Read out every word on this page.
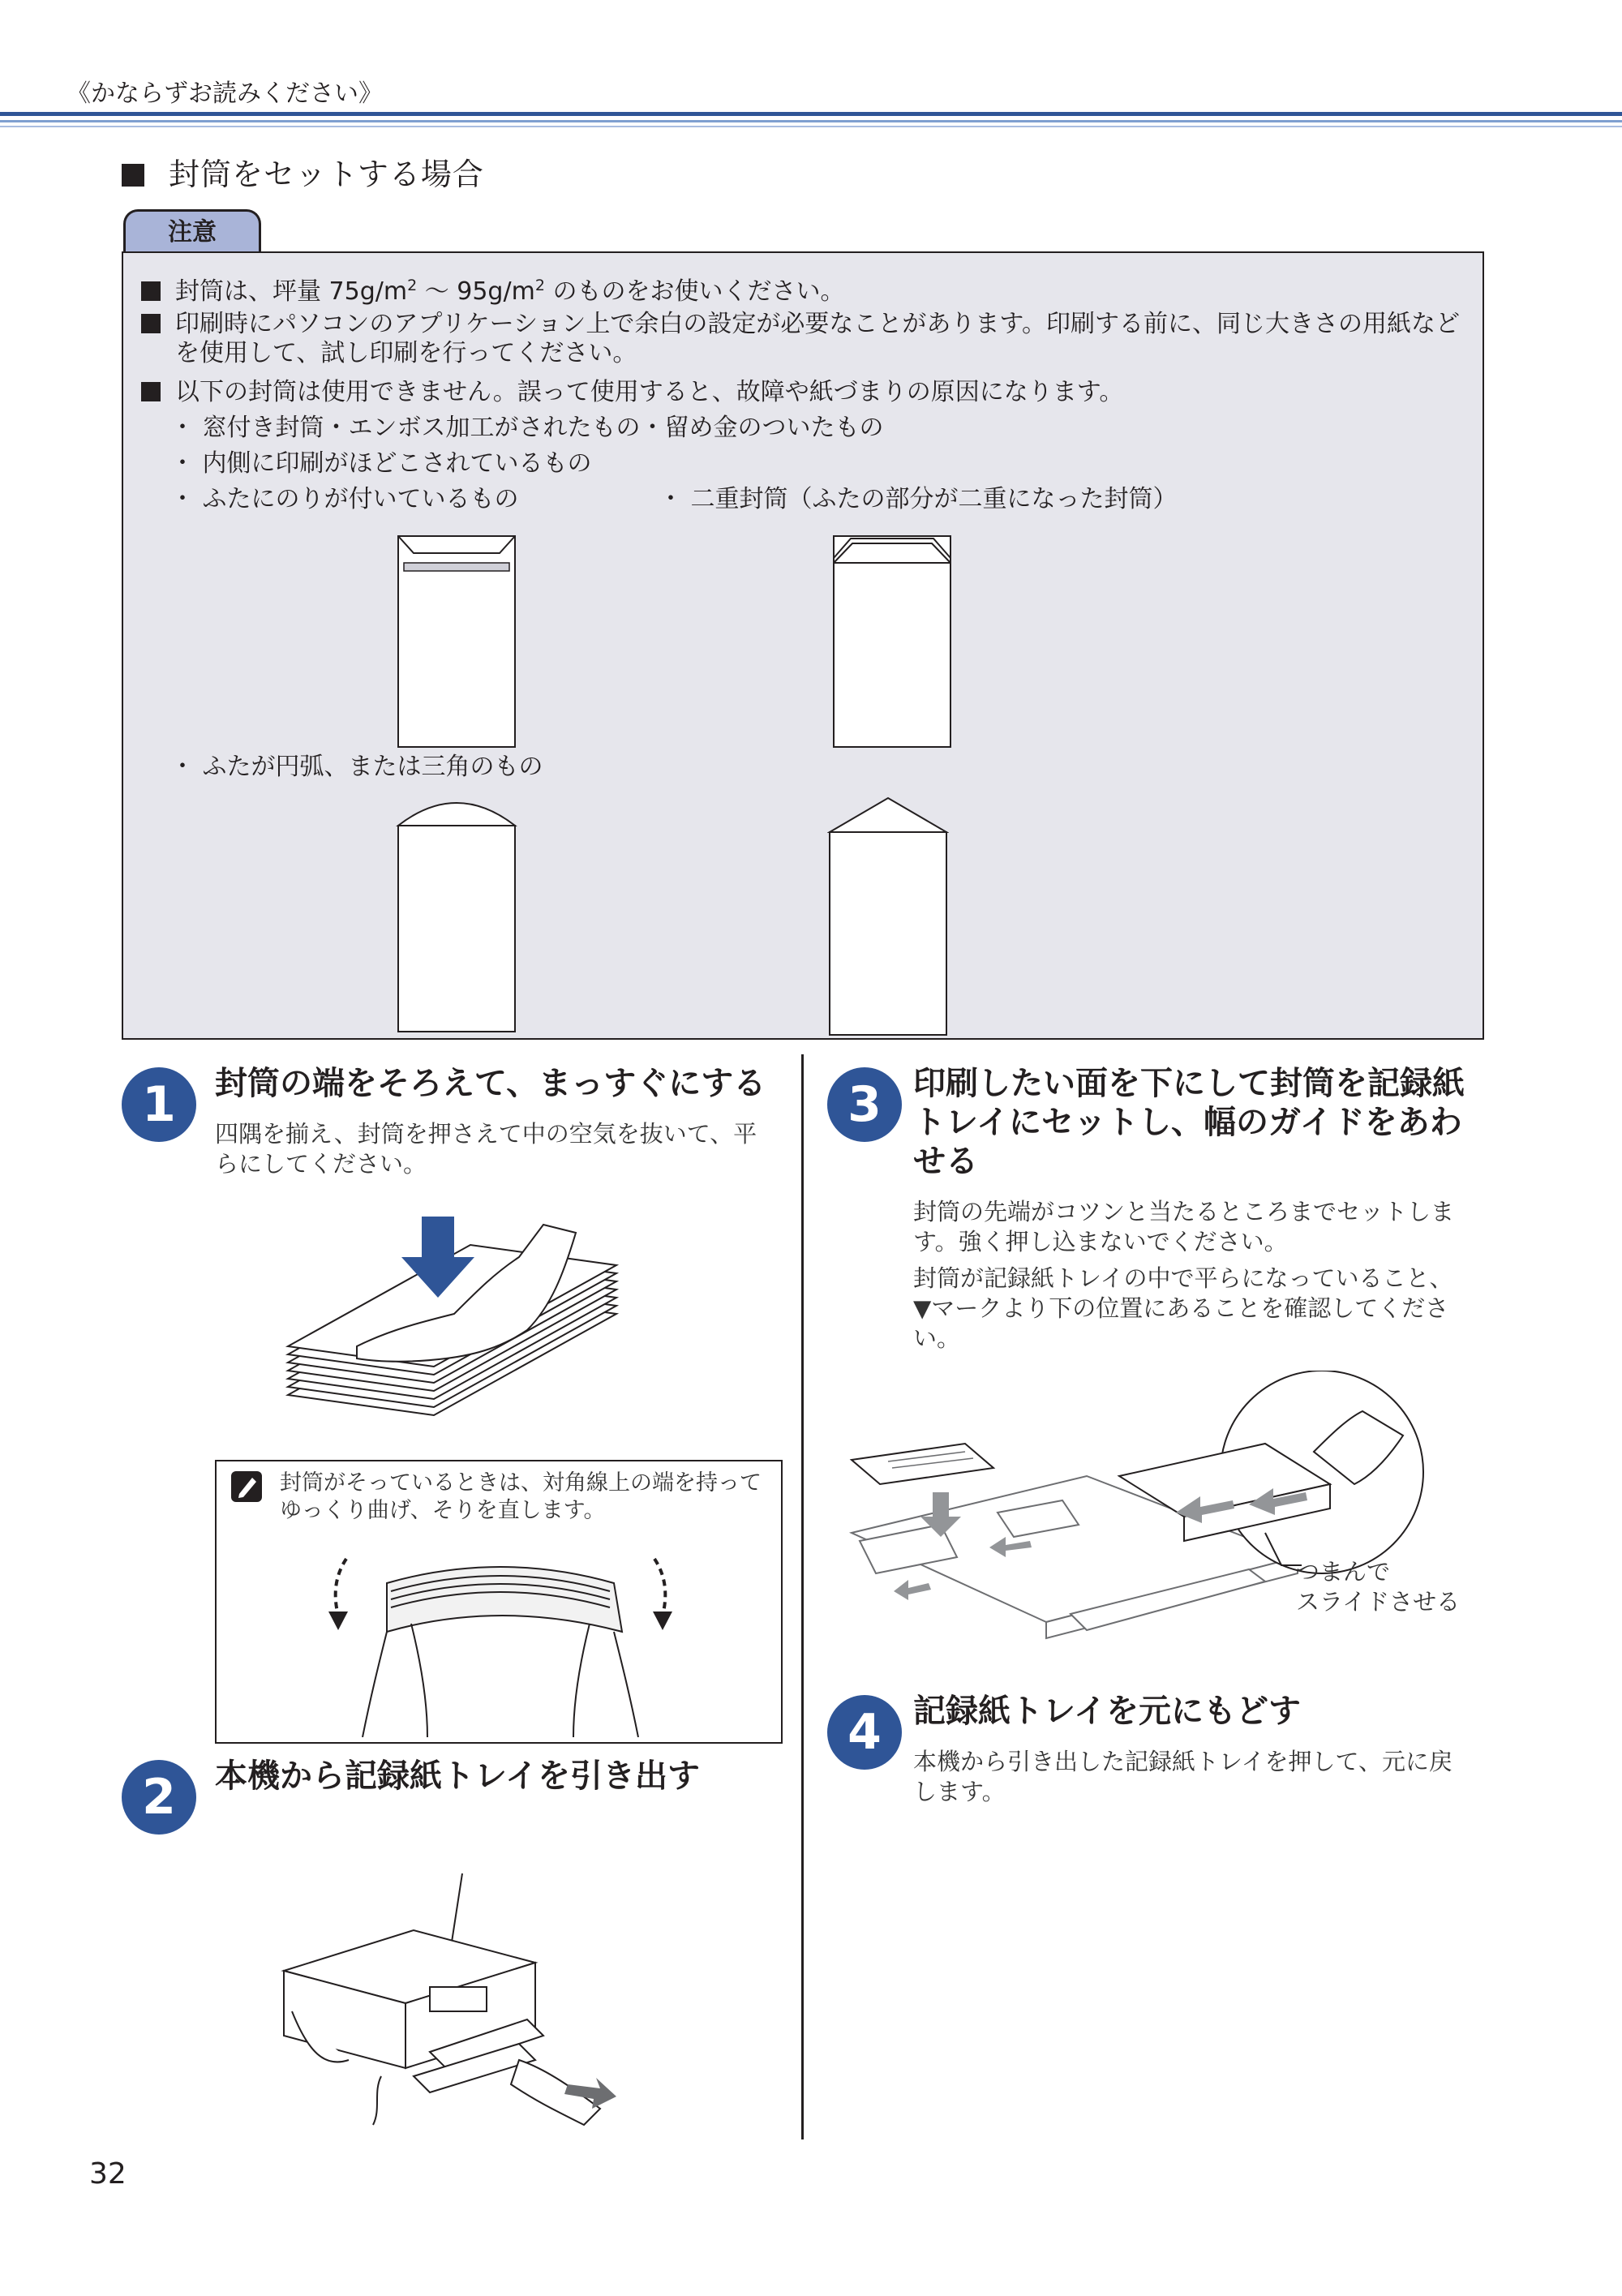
《かならずお読みください》
封筒をセットする場合
注意
封筒は、坪量 $75g/m^2$ ～ $95g/m^2$ のものをお使いください。
印刷時にパソコンのアプリケーション上で余白の設定が必要なことがあります。印刷する前に、同じ大きさの用紙など
を使用して、試し印刷を行ってください。
以下の封筒は使用できません。誤って使用すると、故障や紙づまりの原因になります。
・ 窓付き封筒・エンボス加工がされたもの・留め金のついたもの
・ 内側に印刷がほどこされているもの
・ ふたにのりが付いているもの	・ 二重封筒（ふたの部分が二重になった封筒）
・ ふたが円弧、または三角のもの
1	封筒の端をそろえて、まっすぐにする
四隅を揃え、封筒を押さえて中の空気を抜いて、平
らにしてください。
封筒がそっているときは、対角線上の端を持って
ゆっくり曲げ、そりを直します。
2	本機から記録紙トレイを引き出す
3 印刷したい面を下にして封筒を記録紙
トレイにセットし、幅のガイドをあわ
せる
封筒の先端がコツンと当たるところまでセットしま
す。強く押し込まないでください。
封筒が記録紙トレイの中で平らになっていること、
▼マークより下の位置にあることを確認してくださ
い。
つまんで
スライドさせる
4 記録紙トレイを元にもどす
本機から引き出した記録紙トレイを押して、元に戻
します。
32
